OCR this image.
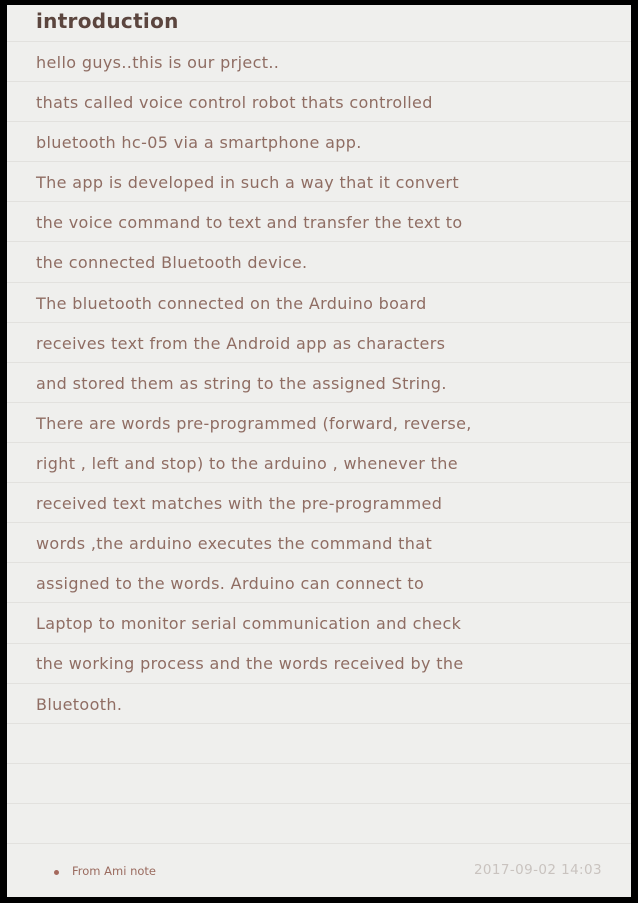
introduction
hello guys..this is our prject..
thats called voice control robot thats controlled
bluetooth hc-05 via a smartphone app.
The app is developed in such a way that it convert
the voice command to text and transfer the text to
the connected Bluetooth device.
The bluetooth connected on the Arduino board
receives text from the Android app as characters
and stored them as string to the assigned String.
There are words pre-programmed (forward, reverse,
right , left and stop) to the arduino , whenever the
received text matches with the pre-programmed
words ,the arduino executes the command that
assigned to the words. Arduino can connect to
Laptop to monitor serial communication and check
the working process and the words received by the
Bluetooth.
From Ami note	2017-09-02 14:03
